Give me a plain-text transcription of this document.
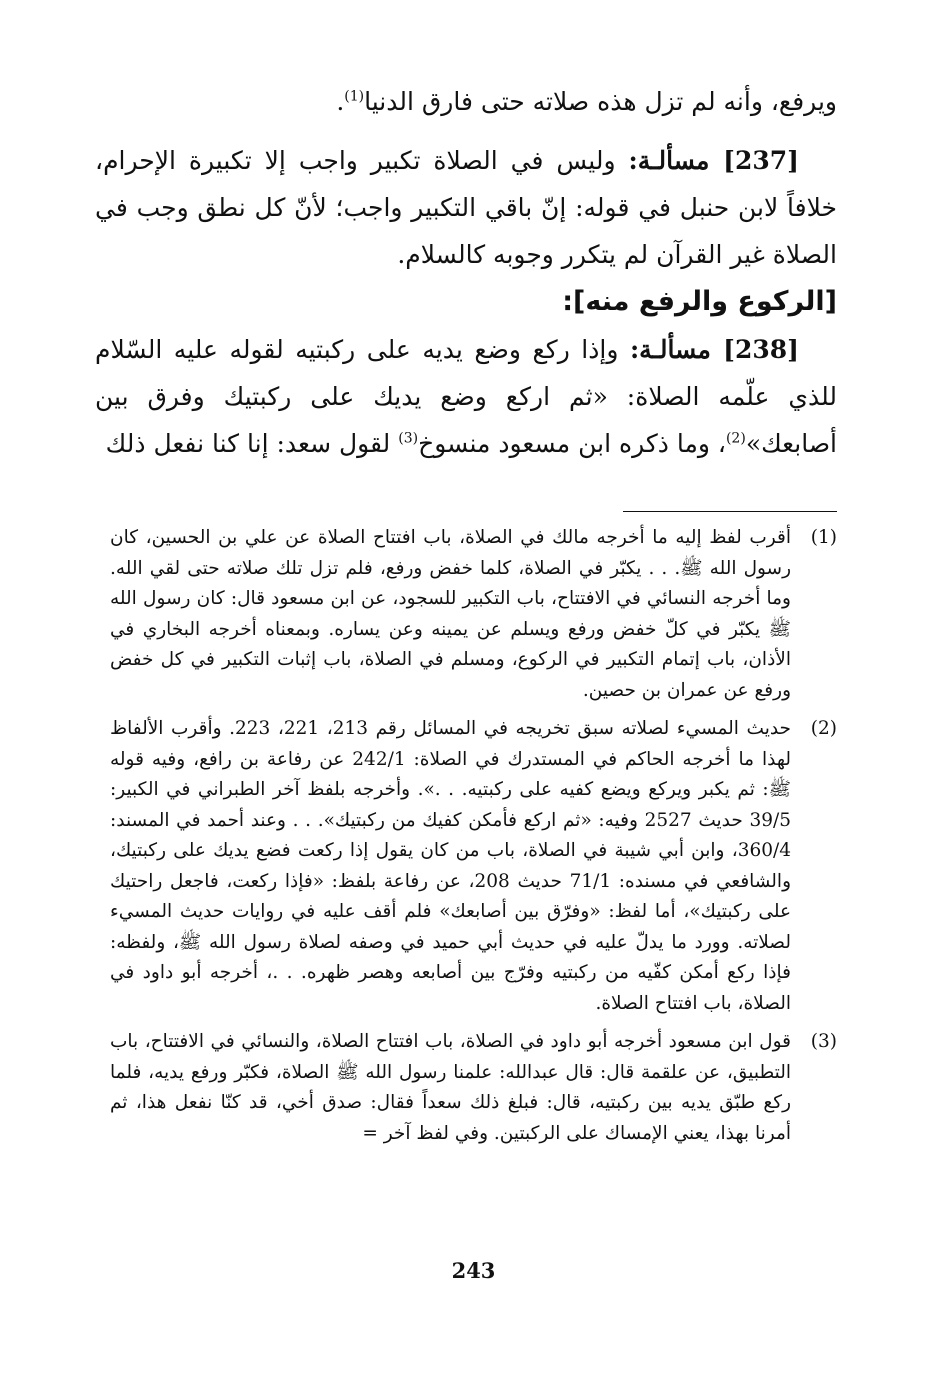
ويرفع، وأنه لم تزل هذه صلاته حتى فارق الدنيا$^{(1)}$.

[237] مسألـة: وليس في الصلاة تكبير واجب إلا تكبيرة الإحرام، خلافاً لابن حنبل في قوله: إنّ باقي التكبير واجب؛ لأنّ كل نطق وجب في الصلاة غير القرآن لم يتكرر وجوبه كالسلام.

[الركوع والرفع منه]:

[238] مسألـة: وإذا ركع وضع يديه على ركبتيه لقوله عليه السّلام للذي علّمه الصلاة: «ثم اركع وضع يديك على ركبتيك وفرق بين أصابعك»$^{(2)}$، وما ذكره ابن مسعود منسوخ$^{(3)}$ لقول سعد: إنا كنا نفعل ذلك

(1)
أقرب لفظ إليه ما أخرجه مالك في الصلاة، باب افتتاح الصلاة عن علي بن الحسين، كان رسول الله ﷺ. . . يكبّر في الصلاة، كلما خفض ورفع، فلم تزل تلك صلاته حتى لقي الله. وما أخرجه النسائي في الافتتاح، باب التكبير للسجود، عن ابن مسعود قال: كان رسول الله ﷺ يكبّر في كلّ خفض ورفع ويسلم عن يمينه وعن يساره. وبمعناه أخرجه البخاري في الأذان، باب إتمام التكبير في الركوع، ومسلم في الصلاة، باب إثبات التكبير في كل خفض ورفع عن عمران بن حصين.
(2)
حديث المسيء لصلاته سبق تخريجه في المسائل رقم 213، 221، 223. وأقرب الألفاظ لهذا ما أخرجه الحاكم في المستدرك في الصلاة: 242/1 عن رفاعة بن رافع، وفيه قوله ﷺ: ثم يكبر ويركع ويضع كفيه على ركبتيه. . .». وأخرجه بلفظ آخر الطبراني في الكبير: 39/5 حديث 2527 وفيه: «ثم اركع فأمكن كفيك من ركبتيك». . . وعند أحمد في المسند: 360/4، وابن أبي شيبة في الصلاة، باب من كان يقول إذا ركعت فضع يديك على ركبتيك، والشافعي في مسنده: 71/1 حديث 208، عن رفاعة بلفظ: «فإذا ركعت، فاجعل راحتيك على ركبتيك»، أما لفظ: «وفرّق بين أصابعك» فلم أقف عليه في روايات حديث المسيء لصلاته. وورد ما يدلّ عليه في حديث أبي حميد في وصفه لصلاة رسول الله ﷺ، ولفظه: فإذا ركع أمكن كفّيه من ركبتيه وفرّج بين أصابعه وهصر ظهره. . .، أخرجه أبو داود في الصلاة، باب افتتاح الصلاة.
(3)
قول ابن مسعود أخرجه أبو داود في الصلاة، باب افتتاح الصلاة، والنسائي في الافتتاح، باب التطبيق، عن علقمة قال: قال عبدالله: علمنا رسول الله ﷺ الصلاة، فكبّر ورفع يديه، فلما ركع طبّق يديه بين ركبتيه، قال: فبلغ ذلك سعداً فقال: صدق أخي، قد كنّا نفعل هذا، ثم أمرنا بهذا، يعني الإمساك على الركبتين. وفي لفظ آخر =
243
